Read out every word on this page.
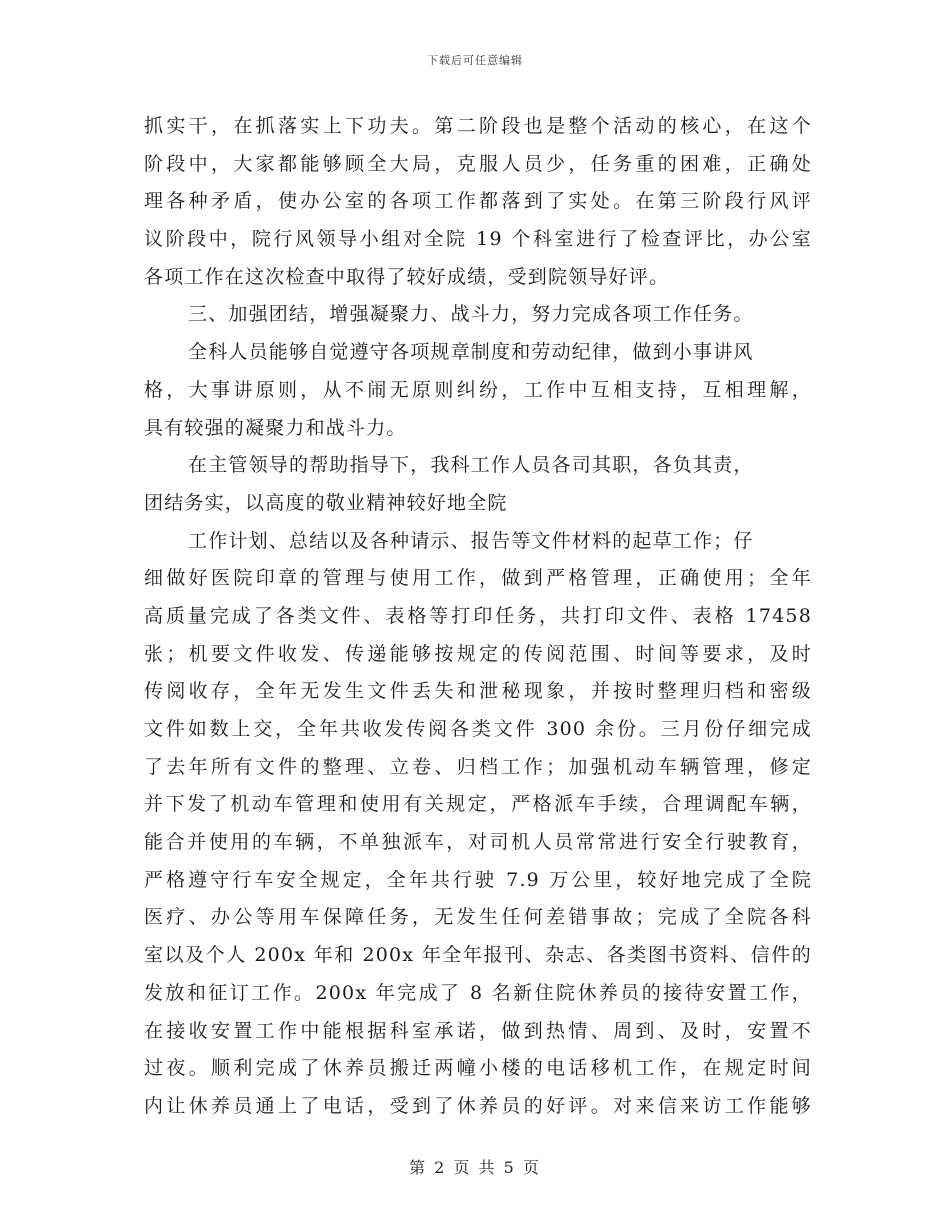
下载后可任意编辑
抓实干，在抓落实上下功夫。第二阶段也是整个活动的核心，在这个
阶段中，大家都能够顾全大局，克服人员少，任务重的困难，正确处
理各种矛盾，使办公室的各项工作都落到了实处。在第三阶段行风评
议阶段中，院行风领导小组对全院 19 个科室进行了检查评比，办公室
各项工作在这次检查中取得了较好成绩，受到院领导好评。
三、加强团结，增强凝聚力、战斗力，努力完成各项工作任务。
全科人员能够自觉遵守各项规章制度和劳动纪律，做到小事讲风
格，大事讲原则，从不闹无原则纠纷，工作中互相支持，互相理解，
具有较强的凝聚力和战斗力。
在主管领导的帮助指导下，我科工作人员各司其职，各负其责，
团结务实，以高度的敬业精神较好地全院
工作计划、总结以及各种请示、报告等文件材料的起草工作；仔
细做好医院印章的管理与使用工作，做到严格管理，正确使用；全年
高质量完成了各类文件、表格等打印任务，共打印文件、表格 17458
张；机要文件收发、传递能够按规定的传阅范围、时间等要求，及时
传阅收存，全年无发生文件丢失和泄秘现象，并按时整理归档和密级
文件如数上交，全年共收发传阅各类文件 300 余份。三月份仔细完成
了去年所有文件的整理、立卷、归档工作；加强机动车辆管理，修定
并下发了机动车管理和使用有关规定，严格派车手续，合理调配车辆，
能合并使用的车辆，不单独派车，对司机人员常常进行安全行驶教育，
严格遵守行车安全规定，全年共行驶 7.9 万公里，较好地完成了全院
医疗、办公等用车保障任务，无发生任何差错事故；完成了全院各科
室以及个人 200x 年和 200x 年全年报刊、杂志、各类图书资料、信件的
发放和征订工作。200x 年完成了 8 名新住院休养员的接待安置工作，
在接收安置工作中能根据科室承诺，做到热情、周到、及时，安置不
过夜。顺利完成了休养员搬迁两幢小楼的电话移机工作，在规定时间
内让休养员通上了电话，受到了休养员的好评。对来信来访工作能够
第 2 页 共 5 页
